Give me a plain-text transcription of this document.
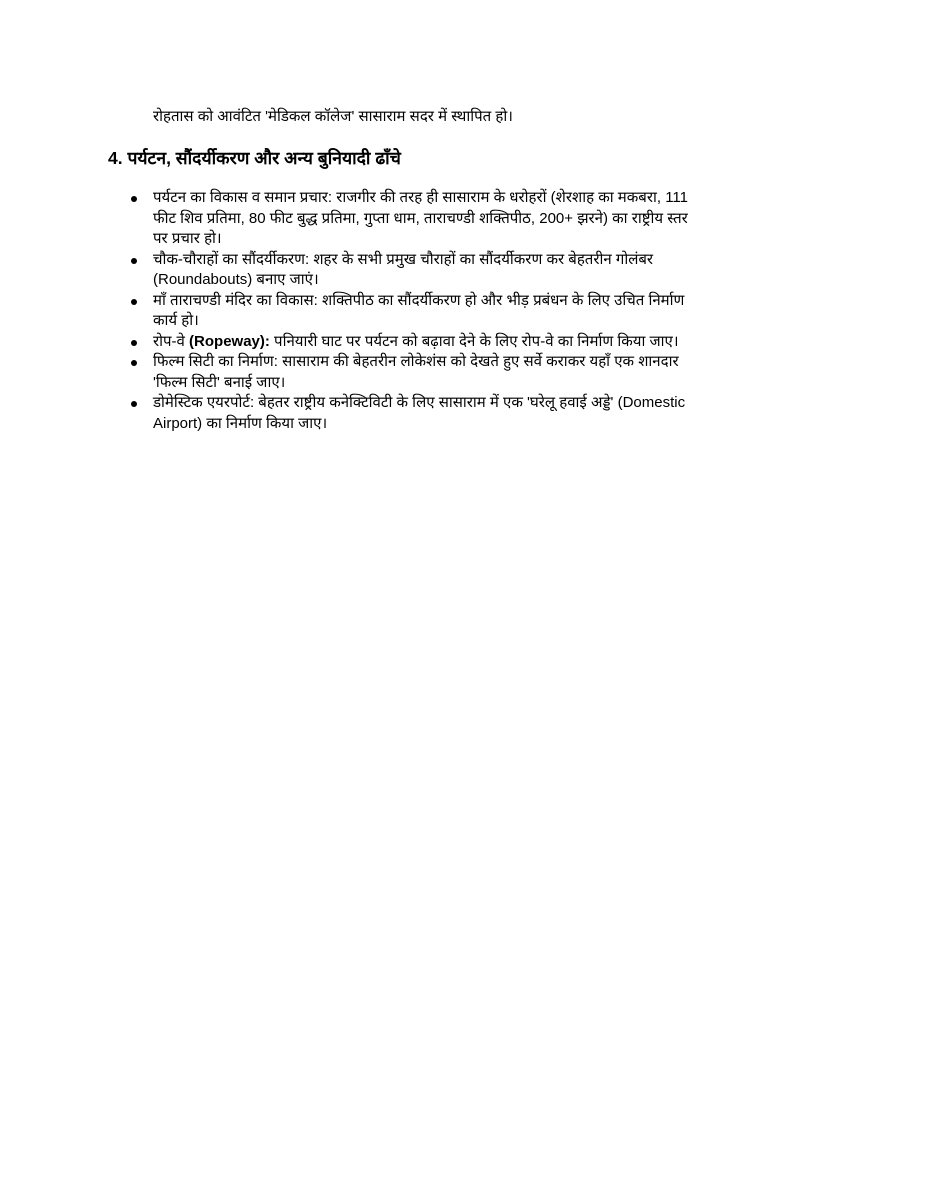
रोहतास को आवंटित 'मेडिकल कॉलेज' सासाराम सदर में स्थापित हो।
4. पर्यटन, सौंदर्यीकरण और अन्य बुनियादी ढाँचे
पर्यटन का विकास व समान प्रचार: राजगीर की तरह ही सासाराम के धरोहरों (शेरशाह का मकबरा, 111
फीट शिव प्रतिमा, 80 फीट बुद्ध प्रतिमा, गुप्ता धाम, ताराचण्डी शक्तिपीठ, 200+ झरने) का राष्ट्रीय स्तर
पर प्रचार हो।
चौक-चौराहों का सौंदर्यीकरण: शहर के सभी प्रमुख चौराहों का सौंदर्यीकरण कर बेहतरीन गोलंबर
(Roundabouts) बनाए जाएं।
माँ ताराचण्डी मंदिर का विकास: शक्तिपीठ का सौंदर्यीकरण हो और भीड़ प्रबंधन के लिए उचित निर्माण
कार्य हो।
रोप-वे (Ropeway): पनियारी घाट पर पर्यटन को बढ़ावा देने के लिए रोप-वे का निर्माण किया जाए।
फिल्म सिटी का निर्माण: सासाराम की बेहतरीन लोकेशंस को देखते हुए सर्वे कराकर यहाँ एक शानदार
'फिल्म सिटी' बनाई जाए।
डोमेस्टिक एयरपोर्ट: बेहतर राष्ट्रीय कनेक्टिविटी के लिए सासाराम में एक 'घरेलू हवाई अड्डे' (Domestic
Airport) का निर्माण किया जाए।
